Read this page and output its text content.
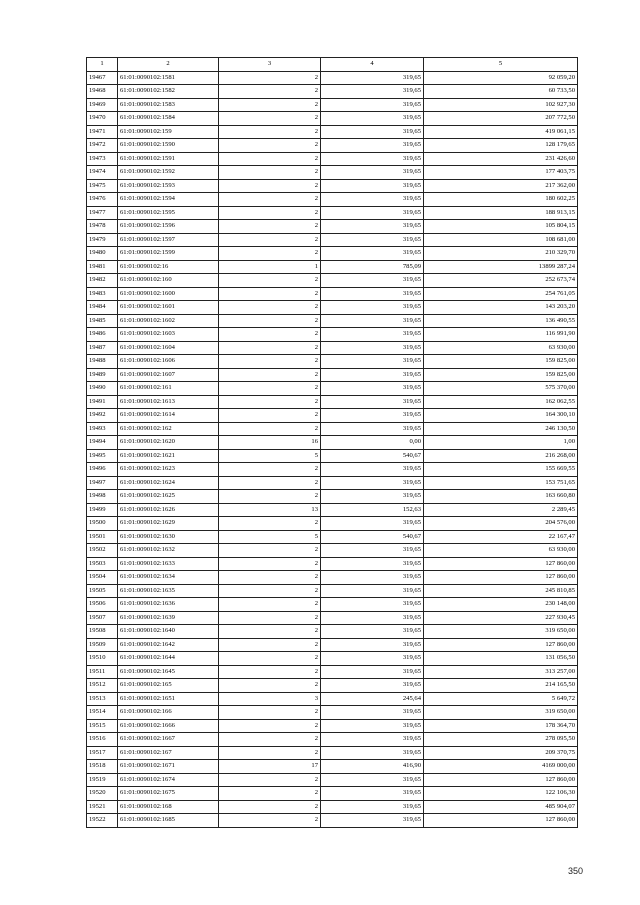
1	2	3	4	5
19467	61:01:0090102:1581	2	319,65	92 059,20
19468	61:01:0090102:1582	2	319,65	60 733,50
19469	61:01:0090102:1583	2	319,65	102 927,30
19470	61:01:0090102:1584	2	319,65	207 772,50
19471	61:01:0090102:159	2	319,65	419 061,15
19472	61:01:0090102:1590	2	319,65	128 179,65
19473	61:01:0090102:1591	2	319,65	231 426,60
19474	61:01:0090102:1592	2	319,65	177 403,75
19475	61:01:0090102:1593	2	319,65	217 362,00
19476	61:01:0090102:1594	2	319,65	180 602,25
19477	61:01:0090102:1595	2	319,65	188 913,15
19478	61:01:0090102:1596	2	319,65	105 804,15
19479	61:01:0090102:1597	2	319,65	108 681,00
19480	61:01:0090102:1599	2	319,65	210 329,70
19481	61:01:0090102:16	1	785,09	13899 287,24
19482	61:01:0090102:160	2	319,65	252 673,74
19483	61:01:0090102:1600	2	319,65	254 761,05
19484	61:01:0090102:1601	2	319,65	143 203,20
19485	61:01:0090102:1602	2	319,65	136 490,55
19486	61:01:0090102:1603	2	319,65	116 991,90
19487	61:01:0090102:1604	2	319,65	63 930,00
19488	61:01:0090102:1606	2	319,65	159 825,00
19489	61:01:0090102:1607	2	319,65	159 825,00
19490	61:01:0090102:161	2	319,65	575 370,00
19491	61:01:0090102:1613	2	319,65	162 062,55
19492	61:01:0090102:1614	2	319,65	164 300,10
19493	61:01:0090102:162	2	319,65	246 130,50
19494	61:01:0090102:1620	16	0,00	1,00
19495	61:01:0090102:1621	5	540,67	216 268,00
19496	61:01:0090102:1623	2	319,65	155 669,55
19497	61:01:0090102:1624	2	319,65	153 751,65
19498	61:01:0090102:1625	2	319,65	163 660,80
19499	61:01:0090102:1626	13	152,63	2 289,45
19500	61:01:0090102:1629	2	319,65	204 576,00
19501	61:01:0090102:1630	5	540,67	22 167,47
19502	61:01:0090102:1632	2	319,65	63 930,00
19503	61:01:0090102:1633	2	319,65	127 860,00
19504	61:01:0090102:1634	2	319,65	127 860,00
19505	61:01:0090102:1635	2	319,65	245 810,85
19506	61:01:0090102:1636	2	319,65	230 148,00
19507	61:01:0090102:1639	2	319,65	227 930,45
19508	61:01:0090102:1640	2	319,65	319 650,00
19509	61:01:0090102:1642	2	319,65	127 860,00
19510	61:01:0090102:1644	2	319,65	131 056,50
19511	61:01:0090102:1645	2	319,65	313 257,00
19512	61:01:0090102:165	2	319,65	214 165,50
19513	61:01:0090102:1651	3	245,64	5 649,72
19514	61:01:0090102:166	2	319,65	319 650,00
19515	61:01:0090102:1666	2	319,65	178 364,70
19516	61:01:0090102:1667	2	319,65	278 095,50
19517	61:01:0090102:167	2	319,65	209 370,75
19518	61:01:0090102:1671	17	416,90	4169 000,00
19519	61:01:0090102:1674	2	319,65	127 860,00
19520	61:01:0090102:1675	2	319,65	122 106,30
19521	61:01:0090102:168	2	319,65	485 904,07
19522	61:01:0090102:1685	2	319,65	127 860,00
350
